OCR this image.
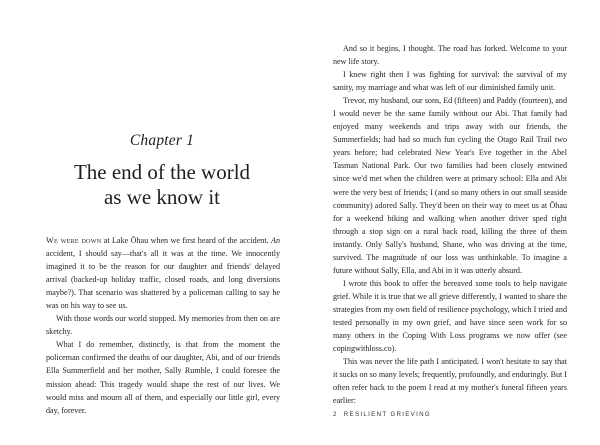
Chapter 1
The end of the world
as we know it

We were down at Lake Ōhau when we first heard of the accident. An accident, I should say—that's all it was at the time. We innocently imagined it to be the reason for our daughter and friends' delayed arrival (backed-up holiday traffic, closed roads, and long diversions maybe?). That scenario was shattered by a policeman calling to say he was on his way to see us.

With those words our world stopped. My memories from then on are sketchy.

What I do remember, distinctly, is that from the moment the policeman confirmed the deaths of our daughter, Abi, and of our friends Ella Summerfield and her mother, Sally Rumble, I could foresee the mission ahead: This tragedy would shape the rest of our lives. We would miss and mourn all of them, and especially our little girl, every day, forever.

And so it begins, I thought. The road has forked. Welcome to your new life story.

I knew right then I was fighting for survival: the survival of my sanity, my marriage and what was left of our diminished family unit.

Trevor, my husband, our sons, Ed (fifteen) and Paddy (fourteen), and I would never be the same family without our Abi. That family had enjoyed many weekends and trips away with our friends, the Summerfields; had had so much fun cycling the Otago Rail Trail two years before; had celebrated New Year's Eve together in the Abel Tasman National Park. Our two families had been closely entwined since we'd met when the children were at primary school: Ella and Abi were the very best of friends; I (and so many others in our small seaside community) adored Sally. They'd been on their way to meet us at Ōhau for a weekend biking and walking when another driver sped right through a stop sign on a rural back road, killing the three of them instantly. Only Sally's husband, Shane, who was driving at the time, survived. The magnitude of our loss was unthinkable. To imagine a future without Sally, Ella, and Abi in it was utterly absurd.

I wrote this book to offer the bereaved some tools to help navigate grief. While it is true that we all grieve differently, I wanted to share the strategies from my own field of resilience psychology, which I tried and tested personally in my own grief, and have since seen work for so many others in the Coping With Loss programs we now offer (see copingwithloss.co).

This was never the life path I anticipated. I won't hesitate to say that it sucks on so many levels; frequently, profoundly, and enduringly. But I often refer back to the poem I read at my mother's funeral fifteen years earlier:

2 RESILIENT GRIEVING
